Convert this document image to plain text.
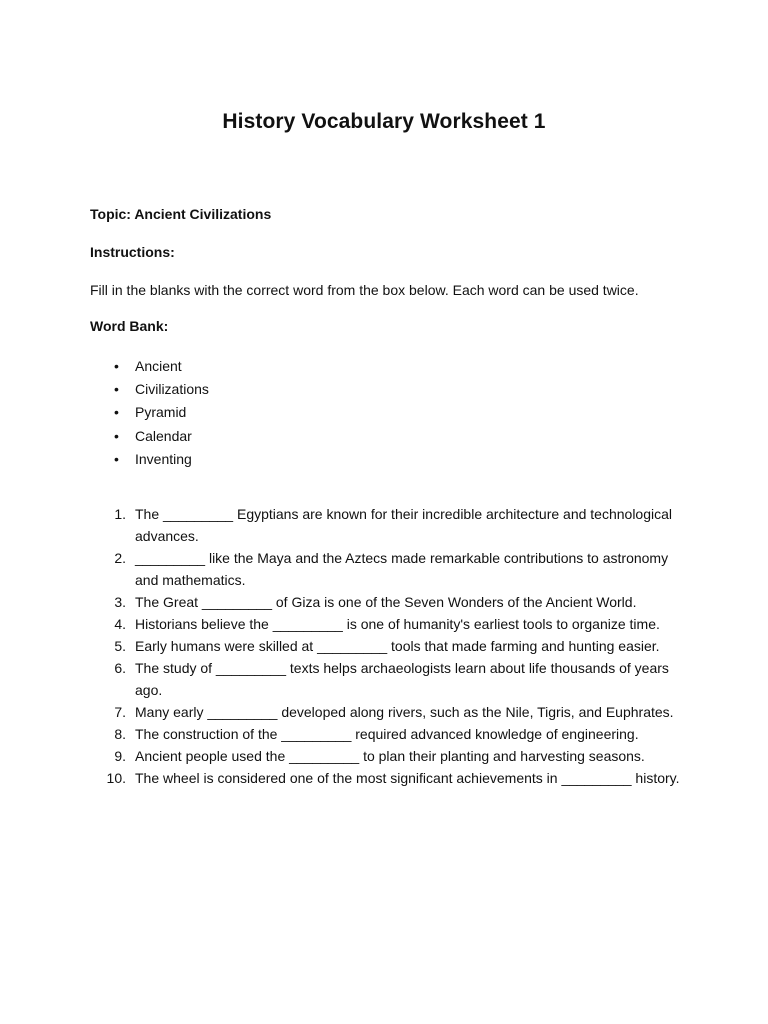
History Vocabulary Worksheet 1

Topic: Ancient Civilizations

Instructions:

Fill in the blanks with the correct word from the box below. Each word can be used twice.

Word Bank:

• Ancient
• Civilizations
• Pyramid
• Calendar
• Inventing
1. The _________ Egyptians are known for their incredible architecture and technological advances.
2. _________ like the Maya and the Aztecs made remarkable contributions to astronomy and mathematics.
3. The Great _________ of Giza is one of the Seven Wonders of the Ancient World.
4. Historians believe the _________ is one of humanity's earliest tools to organize time.
5. Early humans were skilled at _________ tools that made farming and hunting easier.
6. The study of _________ texts helps archaeologists learn about life thousands of years ago.
7. Many early _________ developed along rivers, such as the Nile, Tigris, and Euphrates.
8. The construction of the _________ required advanced knowledge of engineering.
9. Ancient people used the _________ to plan their planting and harvesting seasons.
10. The wheel is considered one of the most significant achievements in _________ history.
